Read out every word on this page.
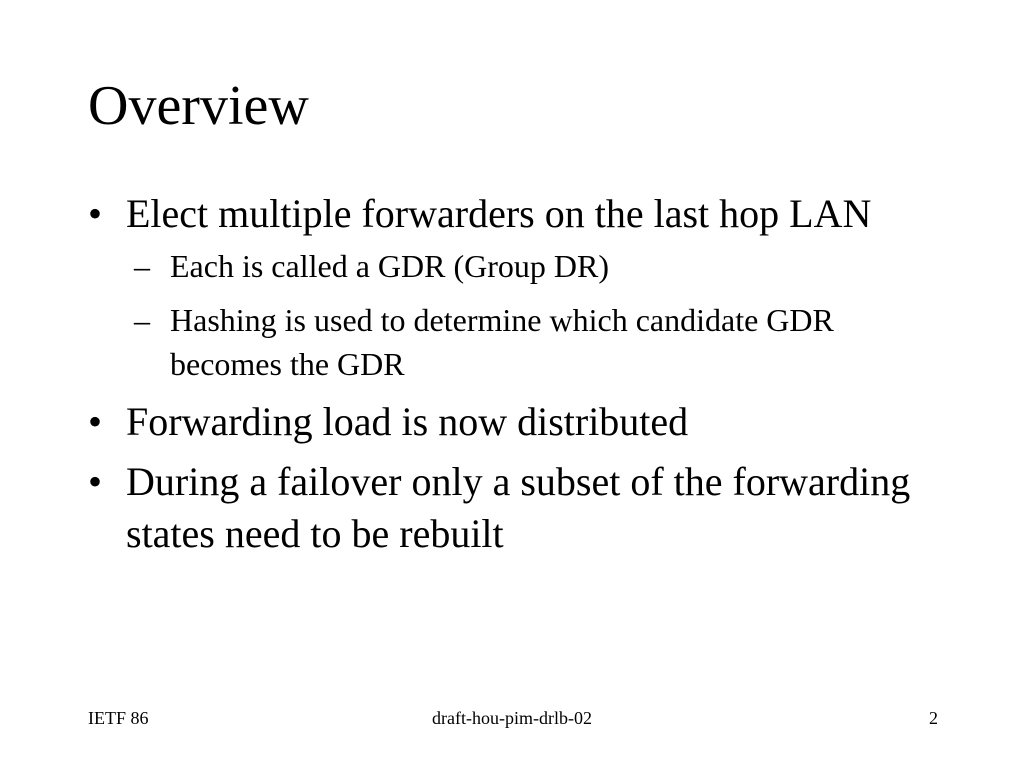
Overview
• Elect multiple forwarders on the last hop LAN
– Each is called a GDR (Group DR)
– Hashing is used to determine which candidate GDR becomes the GDR
• Forwarding load is now distributed
• During a failover only a subset of the forwarding states need to be rebuilt
IETF 86	draft-hou-pim-drlb-02	2
